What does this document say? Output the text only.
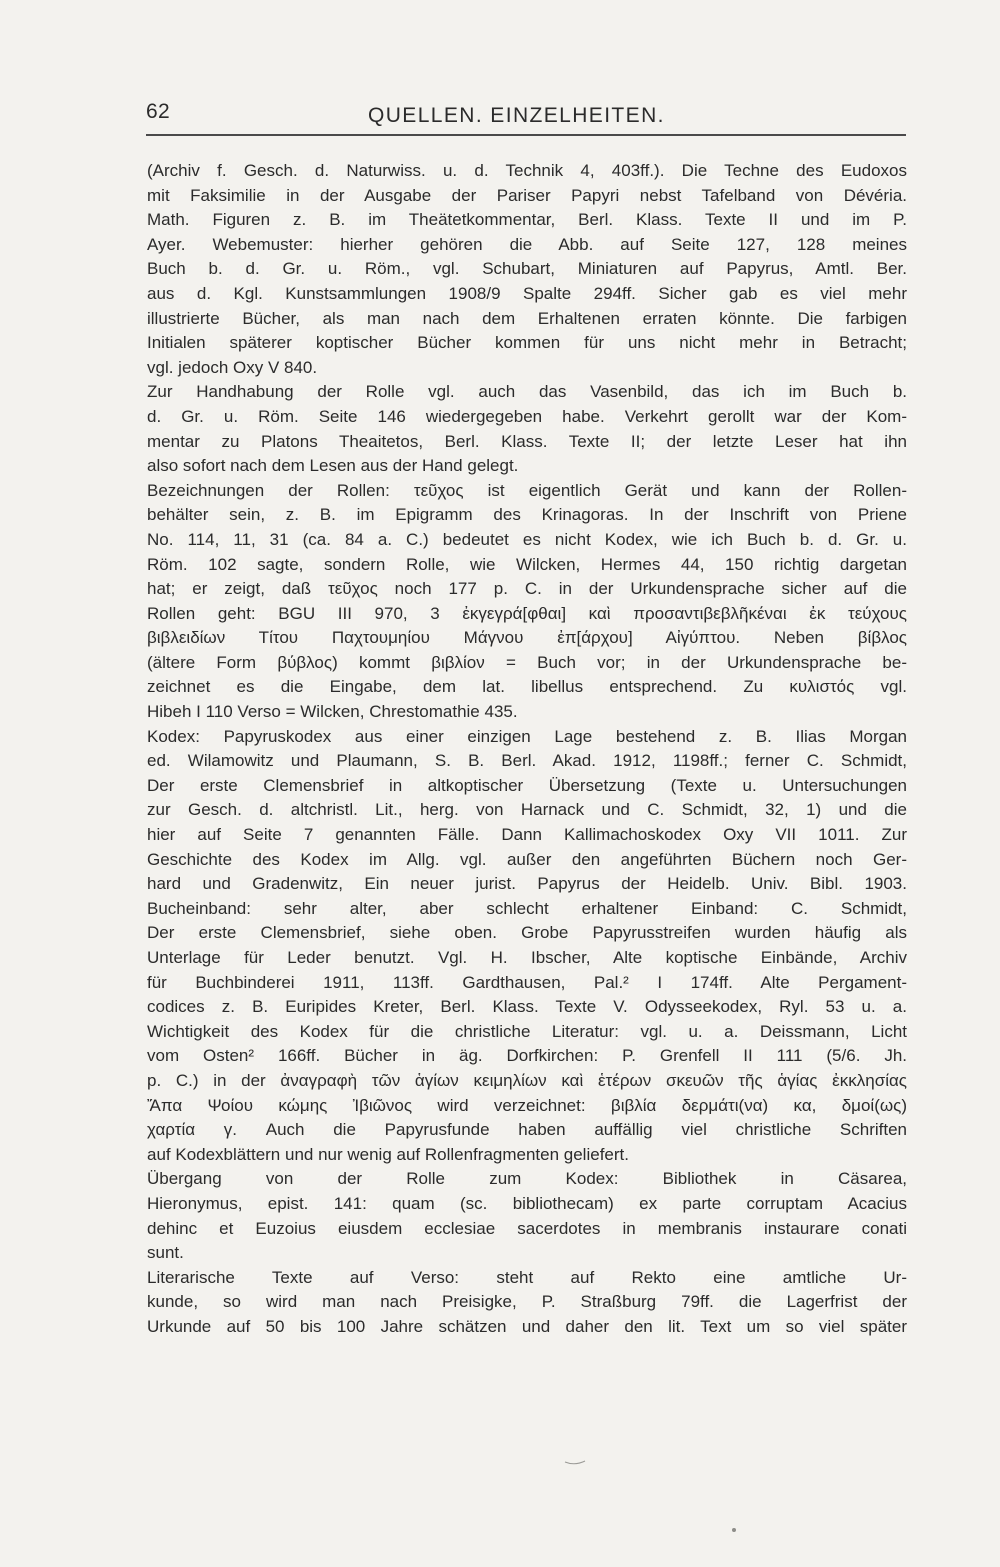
62	QUELLEN. EINZELHEITEN.
(Archiv f. Gesch. d. Naturwiss. u. d. Technik 4, 403ff.). Die Techne des Eudoxos
mit Faksimilie in der Ausgabe der Pariser Papyri nebst Tafelband von Dévéria.
Math. Figuren z. B. im Theätetkommentar, Berl. Klass. Texte II und im P.
Ayer. Webemuster: hierher gehören die Abb. auf Seite 127, 128 meines
Buch b. d. Gr. u. Röm., vgl. Schubart, Miniaturen auf Papyrus, Amtl. Ber.
aus d. Kgl. Kunstsammlungen 1908/9 Spalte 294ff. Sicher gab es viel mehr
illustrierte Bücher, als man nach dem Erhaltenen erraten könnte. Die farbigen
Initialen späterer koptischer Bücher kommen für uns nicht mehr in Betracht;
vgl. jedoch Oxy V 840.
Zur Handhabung der Rolle vgl. auch das Vasenbild, das ich im Buch b.
d. Gr. u. Röm. Seite 146 wiedergegeben habe. Verkehrt gerollt war der Kom-
mentar zu Platons Theaitetos, Berl. Klass. Texte II; der letzte Leser hat ihn
also sofort nach dem Lesen aus der Hand gelegt.
Bezeichnungen der Rollen: τεῦχος ist eigentlich Gerät und kann der Rollen-
behälter sein, z. B. im Epigramm des Krinagoras. In der Inschrift von Priene
No. 114, 11, 31 (ca. 84 a. C.) bedeutet es nicht Kodex, wie ich Buch b. d. Gr. u.
Röm. 102 sagte, sondern Rolle, wie Wilcken, Hermes 44, 150 richtig dargetan
hat; er zeigt, daß τεῦχος noch 177 p. C. in der Urkundensprache sicher auf die
Rollen geht: BGU III 970, 3 ἐκγεγρά[φθαι] καὶ προσαντιβεβλῆκέναι ἐκ τεύχους
βιβλειδίων Τίτου Παχτουμηίου Μάγνου ἐπ[άρχου] Αἰγύπτου. Neben βίβλος
(ältere Form βύβλος) kommt βιβλίον = Buch vor; in der Urkundensprache be-
zeichnet es die Eingabe, dem lat. libellus entsprechend. Zu κυλιστός vgl.
Hibeh I 110 Verso = Wilcken, Chrestomathie 435.
Kodex: Papyruskodex aus einer einzigen Lage bestehend z. B. Ilias Morgan
ed. Wilamowitz und Plaumann, S. B. Berl. Akad. 1912, 1198ff.; ferner C. Schmidt,
Der erste Clemensbrief in altkoptischer Übersetzung (Texte u. Untersuchungen
zur Gesch. d. altchristl. Lit., herg. von Harnack und C. Schmidt, 32, 1) und die
hier auf Seite 7 genannten Fälle. Dann Kallimachoskodex Oxy VII 1011. Zur
Geschichte des Kodex im Allg. vgl. außer den angeführten Büchern noch Ger-
hard und Gradenwitz, Ein neuer jurist. Papyrus der Heidelb. Univ. Bibl. 1903.
Bucheinband: sehr alter, aber schlecht erhaltener Einband: C. Schmidt,
Der erste Clemensbrief, siehe oben. Grobe Papyrusstreifen wurden häufig als
Unterlage für Leder benutzt. Vgl. H. Ibscher, Alte koptische Einbände, Archiv
für Buchbinderei 1911, 113ff. Gardthausen, Pal.² I 174ff. Alte Pergament-
codices z. B. Euripides Kreter, Berl. Klass. Texte V. Odysseekodex, Ryl. 53 u. a.
Wichtigkeit des Kodex für die christliche Literatur: vgl. u. a. Deissmann, Licht
vom Osten² 166ff. Bücher in äg. Dorfkirchen: P. Grenfell II 111 (5/6. Jh.
p. C.) in der ἀναγραφὴ τῶν ἁγίων κειμηλίων καὶ ἑτέρων σκευῶν τῆς ἁγίας ἐκκλησίας
Ἄπα Ψοίου κώμης Ἰβιῶνος wird verzeichnet: βιβλία δερμάτι(να) κα, δμοί(ως)
χαρτία γ. Auch die Papyrusfunde haben auffällig viel christliche Schriften
auf Kodexblättern und nur wenig auf Rollenfragmenten geliefert.
Übergang von der Rolle zum Kodex: Bibliothek in Cäsarea,
Hieronymus, epist. 141: quam (sc. bibliothecam) ex parte corruptam Acacius
dehinc et Euzoius eiusdem ecclesiae sacerdotes in membranis instaurare conati
sunt.
Literarische Texte auf Verso: steht auf Rekto eine amtliche Ur-
kunde, so wird man nach Preisigke, P. Straßburg 79ff. die Lagerfrist der
Urkunde auf 50 bis 100 Jahre schätzen und daher den lit. Text um so viel später
